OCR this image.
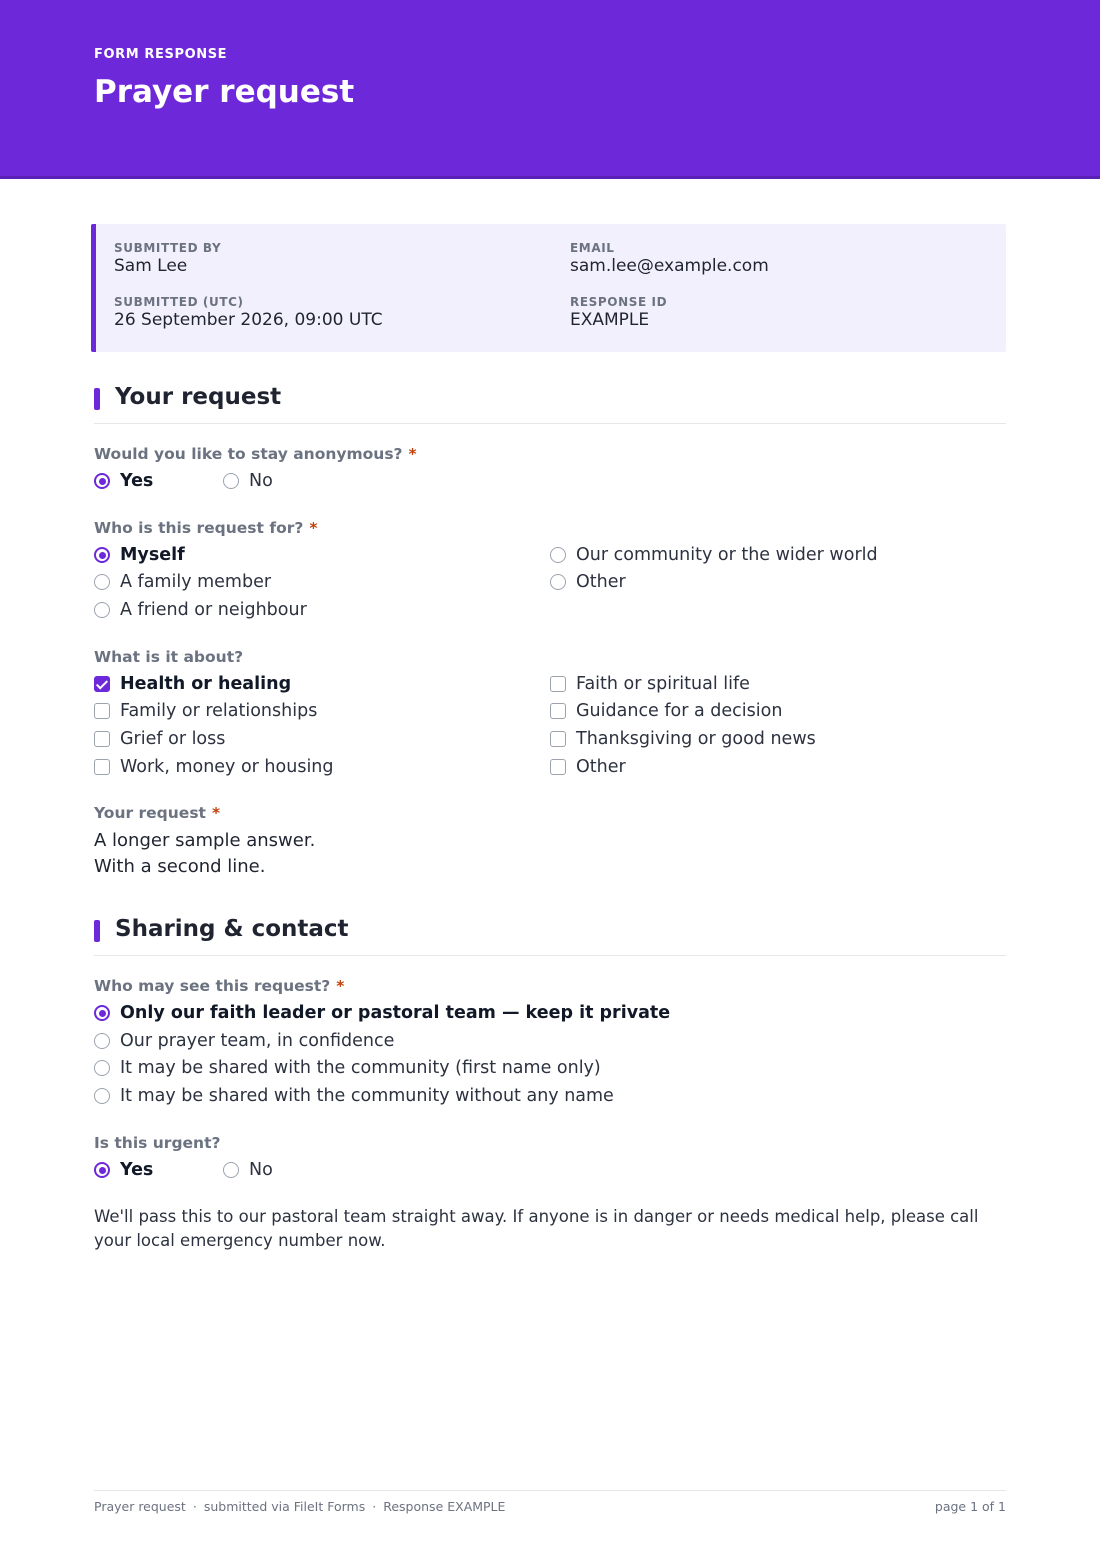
FORM RESPONSE
Prayer request
SUBMITTED BY
Sam Lee
EMAIL
sam.lee@example.com
SUBMITTED (UTC)
26 September 2026, 09:00 UTC
RESPONSE ID
EXAMPLE
Your request
Would you like to stay anonymous? *
Yes	No
Who is this request for? *
Myself
A family member
A friend or neighbour
Our community or the wider world
Other
What is it about?
Health or healing
Family or relationships
Grief or loss
Work, money or housing
Faith or spiritual life
Guidance for a decision
Thanksgiving or good news
Other
Your request *
A longer sample answer.
With a second line.
Sharing & contact
Who may see this request? *
Only our faith leader or pastoral team — keep it private
Our prayer team, in confidence
It may be shared with the community (first name only)
It may be shared with the community without any name
Is this urgent?
Yes	No
We'll pass this to our pastoral team straight away. If anyone is in danger or needs medical help, please call your local emergency number now.
Prayer request · submitted via FileIt Forms · Response EXAMPLE	page 1 of 1
